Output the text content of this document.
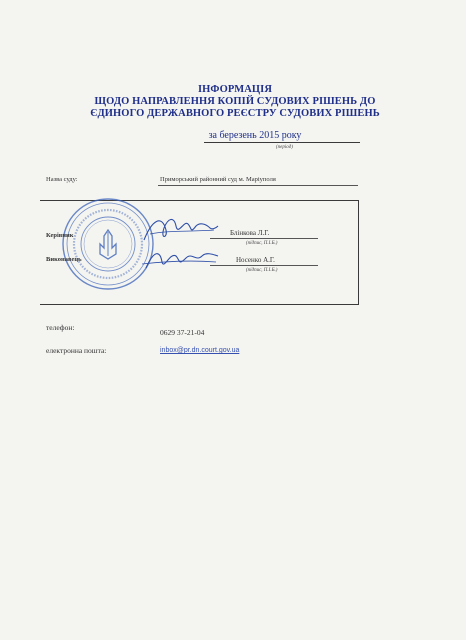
ІНФОРМАЦІЯ
ЩОДО НАПРАВЛЕННЯ КОПІЙ СУДОВИХ РІШЕНЬ ДО
ЄДИНОГО ДЕРЖАВНОГО РЕЄСТРУ СУДОВИХ РІШЕНЬ
за березень 2015 року
(період)
Назва суду:	Приморський районний суд м. Маріуполя
Керівник	Блінкова Л.Г.
(підпис, П.І.Б.)
Виконавець	Носенко А.Г.
(підпис, П.І.Б.)
телефон:
0629 37-21-04
електронна пошта:	inbox@pr.dn.court.gov.ua
